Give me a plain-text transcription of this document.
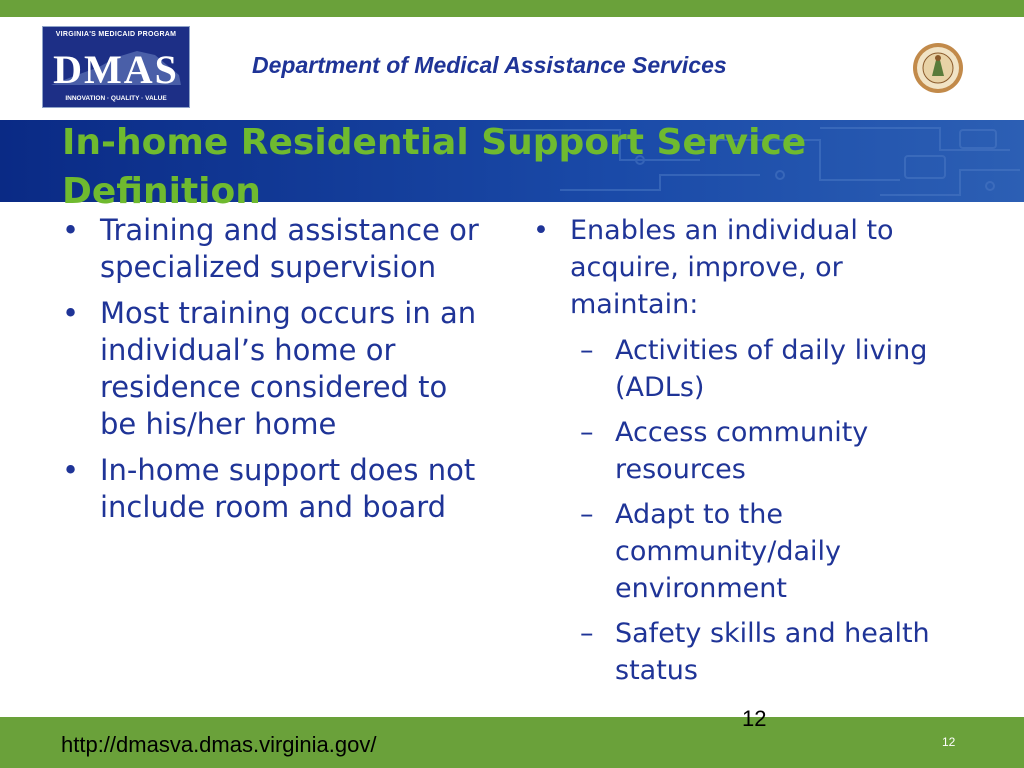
VIRGINIA'S MEDICAID PROGRAM
DMAS
INNOVATION · QUALITY · VALUE
Department of Medical Assistance Services
In-home Residential Support Service Definition
• Training and assistance or specialized supervision
• Most training occurs in an individual’s home or residence considered to be his/her home
• In-home support does not include room and board
• Enables an individual to acquire, improve, or maintain:
– Activities of daily living (ADLs)
– Access community resources
– Adapt to the community/daily environment
– Safety skills and health status
12
http://dmasva.dmas.virginia.gov/	12
